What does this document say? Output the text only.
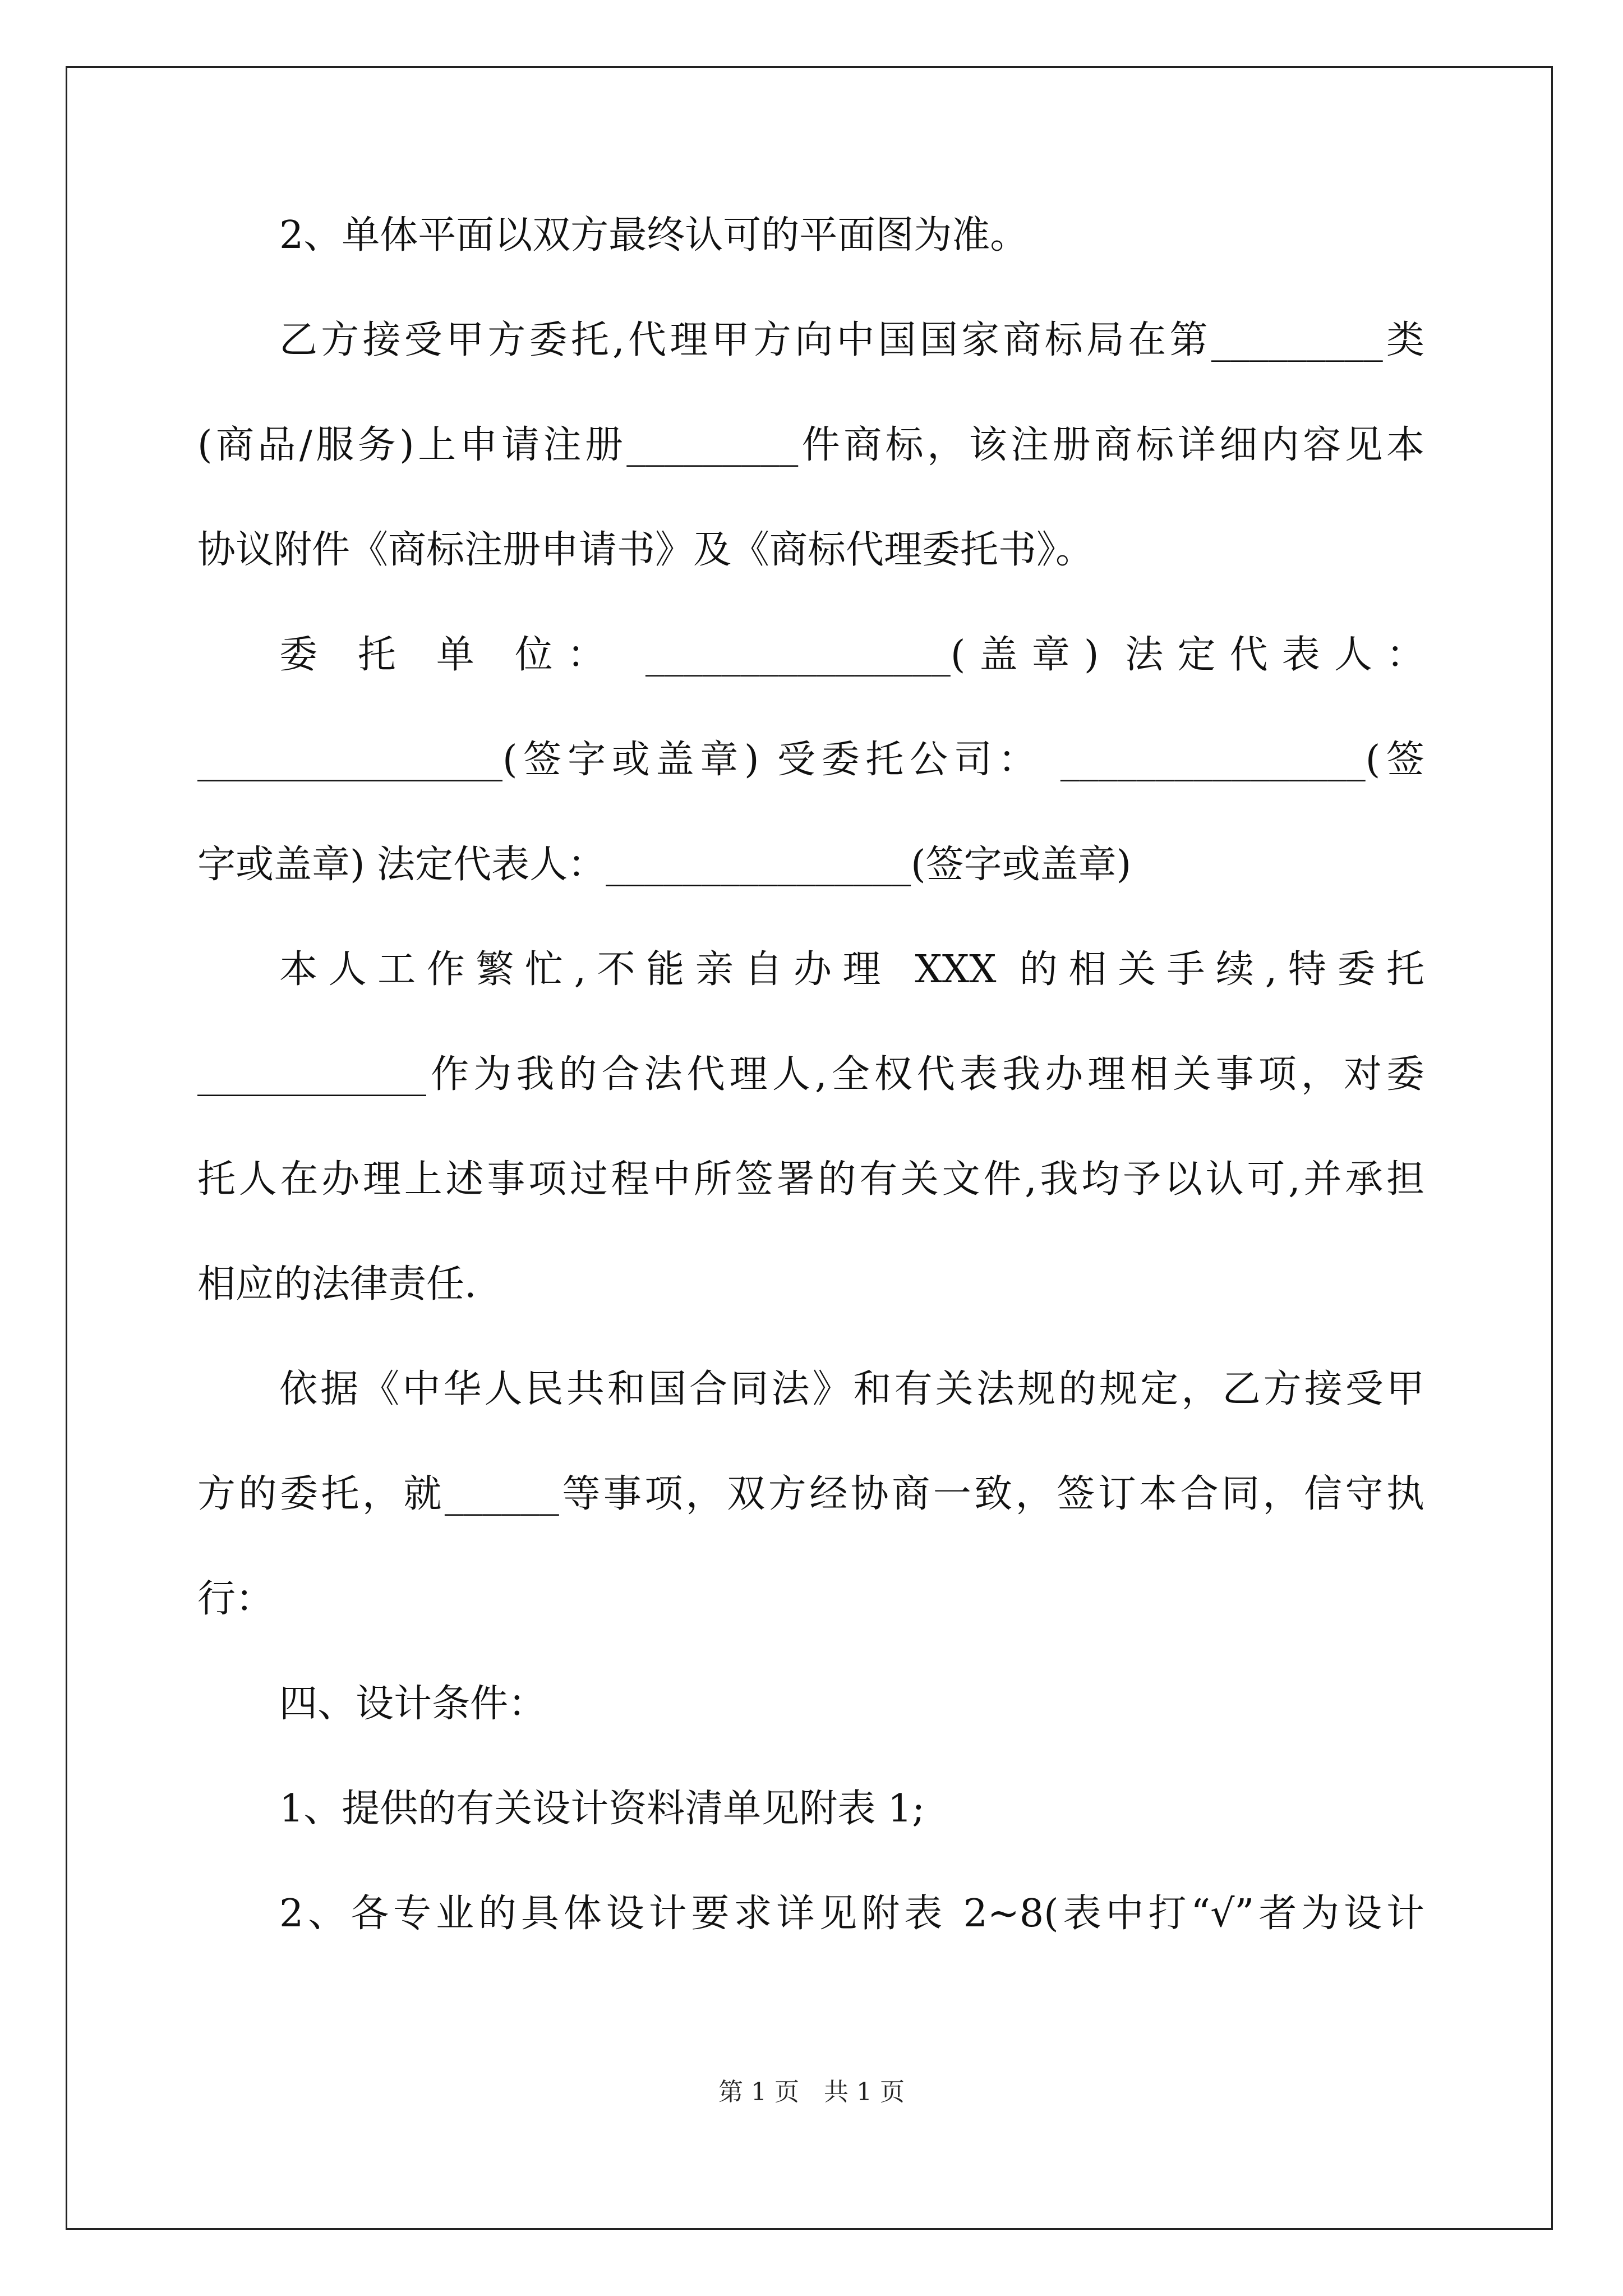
2、单体平面以双方最终认可的平面图为准。
乙方接受甲方委托,代理甲方向中国国家商标局在第_________类
(商品/服务)上申请注册_________件商标，该注册商标详细内容见本
协议附件《商标注册申请书》及《商标代理委托书》。
委 托 单 位： ________________(盖章) 法定代表人：
________________(签字或盖章) 受委托公司： ________________(签
字或盖章) 法定代表人：________________(签字或盖章)
本人工作繁忙,不能亲自办理 XXX 的相关手续,特委托
____________作为我的合法代理人,全权代表我办理相关事项，对委
托人在办理上述事项过程中所签署的有关文件,我均予以认可,并承担
相应的法律责任.
依据《中华人民共和国合同法》和有关法规的规定，乙方接受甲
方的委托，就______等事项，双方经协商一致，签订本合同，信守执
行：
四、设计条件：
1、提供的有关设计资料清单见附表 1;
2、各专业的具体设计要求详见附表 2~8(表中打“√”者为设计
第 1 页　共 1 页
